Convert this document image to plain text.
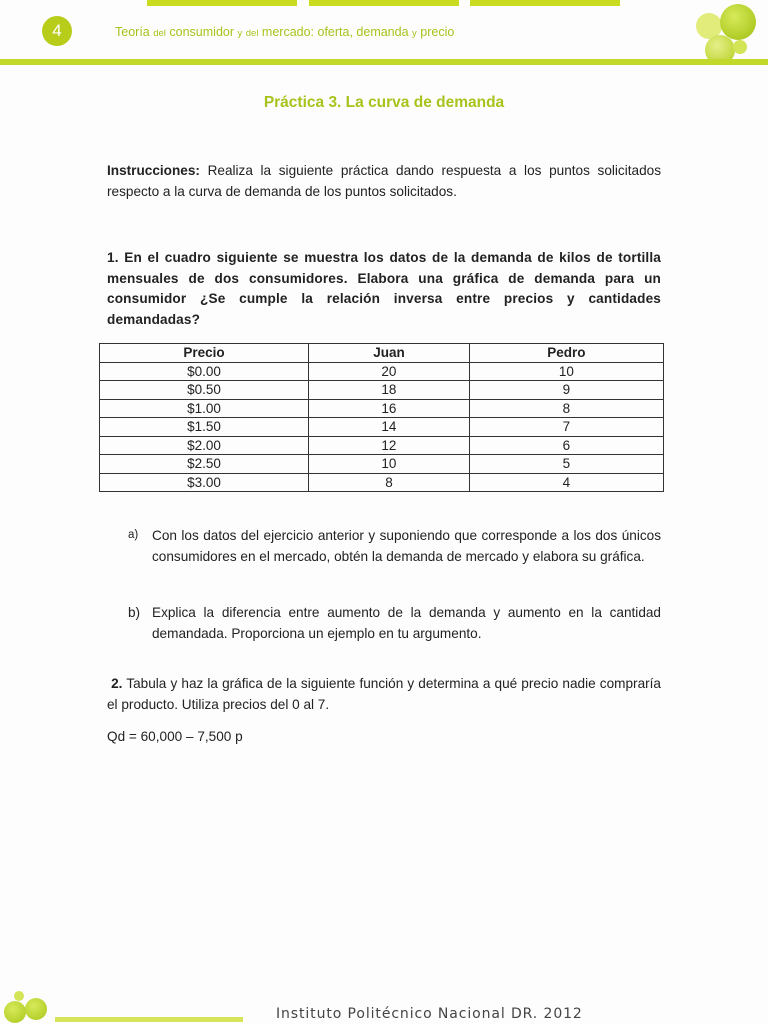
4	Teoría del consumidor y del mercado: oferta, demanda y precio
Práctica 3. La curva de demanda
Instrucciones: Realiza la siguiente práctica dando respuesta a los puntos solicitados respecto a la curva de demanda de los puntos solicitados.
1. En el cuadro siguiente se muestra los datos de la demanda de kilos de tortilla mensuales de dos consumidores. Elabora una gráfica de demanda para un consumidor ¿Se cumple la relación inversa entre precios y cantidades demandadas?
Precio	Juan	Pedro
$0.00	20	10
$0.50	18	9
$1.00	16	8
$1.50	14	7
$2.00	12	6
$2.50	10	5
$3.00	8	4
a) Con los datos del ejercicio anterior y suponiendo que corresponde a los dos únicos consumidores en el mercado, obtén la demanda de mercado y elabora su gráfica.
b) Explica la diferencia entre aumento de la demanda y aumento en la cantidad demandada. Proporciona un ejemplo en tu argumento.
2. Tabula y haz la gráfica de la siguiente función y determina a qué precio nadie compraría el producto. Utiliza precios del 0 al 7.
Qd = 60,000 – 7,500 p
Instituto Politécnico Nacional DR. 2012
